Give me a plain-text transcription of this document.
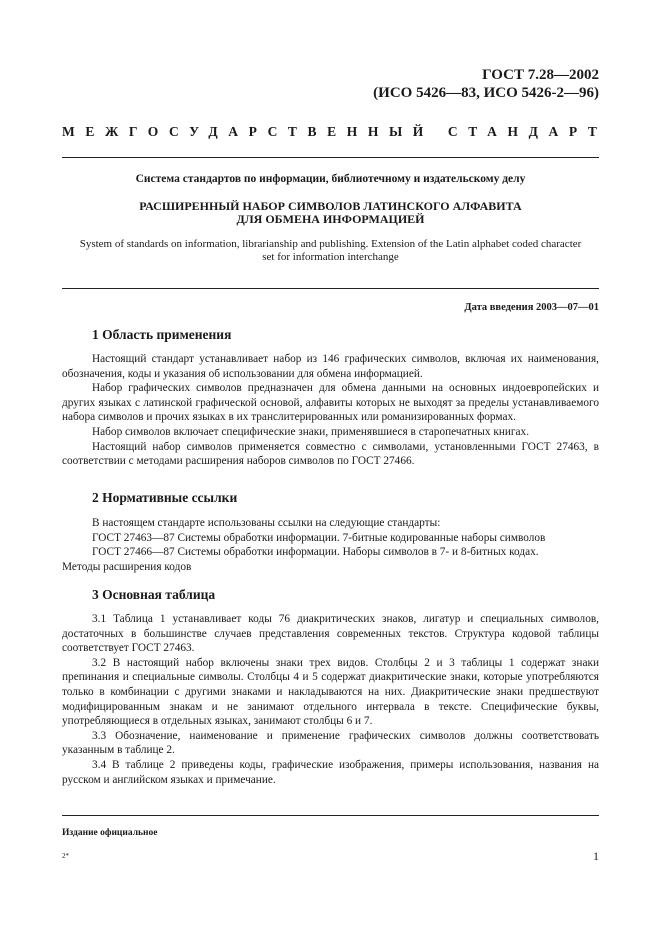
ГОСТ 7.28—2002
(ИСО 5426—83, ИСО 5426-2—96)
МЕЖГОСУДАРСТВЕННЫЙ СТАНДАРТ
Система стандартов по информации, библиотечному и издательскому делу
РАСШИРЕННЫЙ НАБОР СИМВОЛОВ ЛАТИНСКОГО АЛФАВИТА
ДЛЯ ОБМЕНА ИНФОРМАЦИЕЙ
System of standards on information, librarianship and publishing. Extension of the Latin alphabet coded character
set for information interchange
Дата введения 2003—07—01
1 Область применения

Настоящий стандарт устанавливает набор из 146 графических символов, включая их наименования, обозначения, коды и указания об использовании для обмена информацией.

Набор графических символов предназначен для обмена данными на основных индоевропейских и других языках с латинской графической основой, алфавиты которых не выходят за пределы устанавливаемого набора символов и прочих языках в их транслитерированных или романизированных формах.

Набор символов включает специфические знаки, применявшиеся в старопечатных книгах.

Настоящий набор символов применяется совместно с символами, установленными ГОСТ 27463, в соответствии с методами расширения наборов символов по ГОСТ 27466.

2 Нормативные ссылки

В настоящем стандарте использованы ссылки на следующие стандарты:

ГОСТ 27463—87 Системы обработки информации. 7-битные кодированные наборы символов

ГОСТ 27466—87 Системы обработки информации. Наборы символов в 7- и 8-битных кодах.

Методы расширения кодов

3 Основная таблица

3.1 Таблица 1 устанавливает коды 76 диакритических знаков, лигатур и специальных символов, достаточных в большинстве случаев представления современных текстов. Структура кодовой таблицы соответствует ГОСТ 27463.

3.2 В настоящий набор включены знаки трех видов. Столбцы 2 и 3 таблицы 1 содержат знаки препинания и специальные символы. Столбцы 4 и 5 содержат диакритические знаки, которые употребляются только в комбинации с другими знаками и накладываются на них. Диакритические знаки предшествуют модифицированным знакам и не занимают отдельного интервала в тексте. Специфические буквы, употребляющиеся в отдельных языках, занимают столбцы 6 и 7.

3.3 Обозначение, наименование и применение графических символов должны соответствовать указанным в таблице 2.

3.4 В таблице 2 приведены коды, графические изображения, примеры использования, названия на русском и английском языках и примечание.

Издание официальное
2*	1
